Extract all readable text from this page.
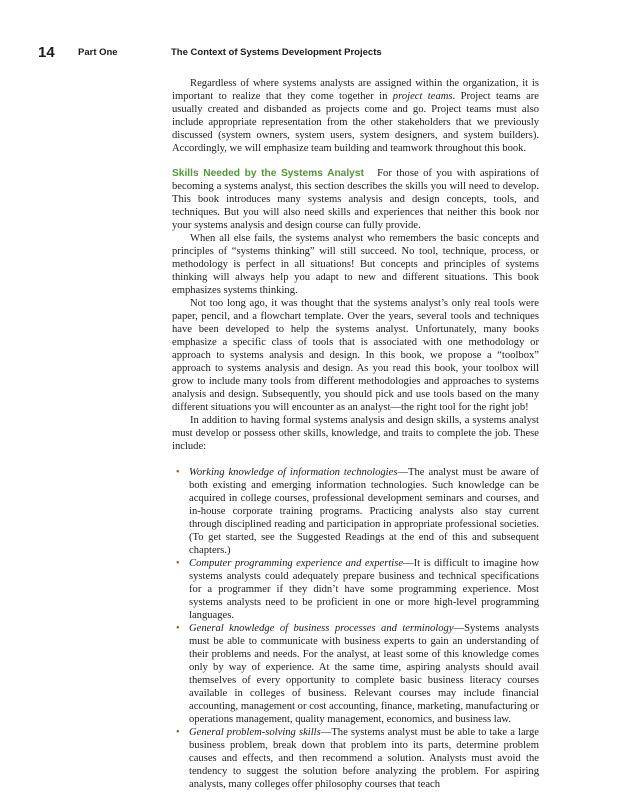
14 Part One	The Context of Systems Development Projects

Regardless of where systems analysts are assigned within the organization, it is important to realize that they come together in project teams. Project teams are usually created and disbanded as projects come and go. Project teams must also include appropriate representation from the other stakeholders that we previously discussed (system owners, system users, system designers, and system builders). Accordingly, we will emphasize team building and teamwork throughout this book.

Skills Needed by the Systems Analyst For those of you with aspirations of becoming a systems analyst, this section describes the skills you will need to develop. This book introduces many systems analysis and design concepts, tools, and techniques. But you will also need skills and experiences that neither this book nor your systems analysis and design course can fully provide.

When all else fails, the systems analyst who remembers the basic concepts and principles of “systems thinking” will still succeed. No tool, technique, process, or methodology is perfect in all situations! But concepts and principles of systems thinking will always help you adapt to new and different situations. This book emphasizes systems thinking.

Not too long ago, it was thought that the systems analyst’s only real tools were paper, pencil, and a flowchart template. Over the years, several tools and techniques have been developed to help the systems analyst. Unfortunately, many books emphasize a specific class of tools that is associated with one methodology or approach to systems analysis and design. In this book, we propose a “toolbox” approach to systems analysis and design. As you read this book, your toolbox will grow to include many tools from different methodologies and approaches to systems analysis and design. Subsequently, you should pick and use tools based on the many different situations you will encounter as an analyst—the right tool for the right job!

In addition to having formal systems analysis and design skills, a systems analyst must develop or possess other skills, knowledge, and traits to complete the job. These include:

• Working knowledge of information technologies—The analyst must be aware of both existing and emerging information technologies. Such knowledge can be acquired in college courses, professional development seminars and courses, and in-house corporate training programs. Practicing analysts also stay current through disciplined reading and participation in appropriate professional societies. (To get started, see the Suggested Readings at the end of this and subsequent chapters.)
• Computer programming experience and expertise—It is difficult to imagine how systems analysts could adequately prepare business and technical specifications for a programmer if they didn’t have some programming experience. Most systems analysts need to be proficient in one or more high-level programming languages.
• General knowledge of business processes and terminology—Systems analysts must be able to communicate with business experts to gain an understanding of their problems and needs. For the analyst, at least some of this knowledge comes only by way of experience. At the same time, aspiring analysts should avail themselves of every opportunity to complete basic business literacy courses available in colleges of business. Relevant courses may include financial accounting, management or cost accounting, finance, marketing, manufacturing or operations management, quality management, economics, and business law.
• General problem-solving skills—The systems analyst must be able to take a large business problem, break down that problem into its parts, determine problem causes and effects, and then recommend a solution. Analysts must avoid the tendency to suggest the solution before analyzing the problem. For aspiring analysts, many colleges offer philosophy courses that teach
